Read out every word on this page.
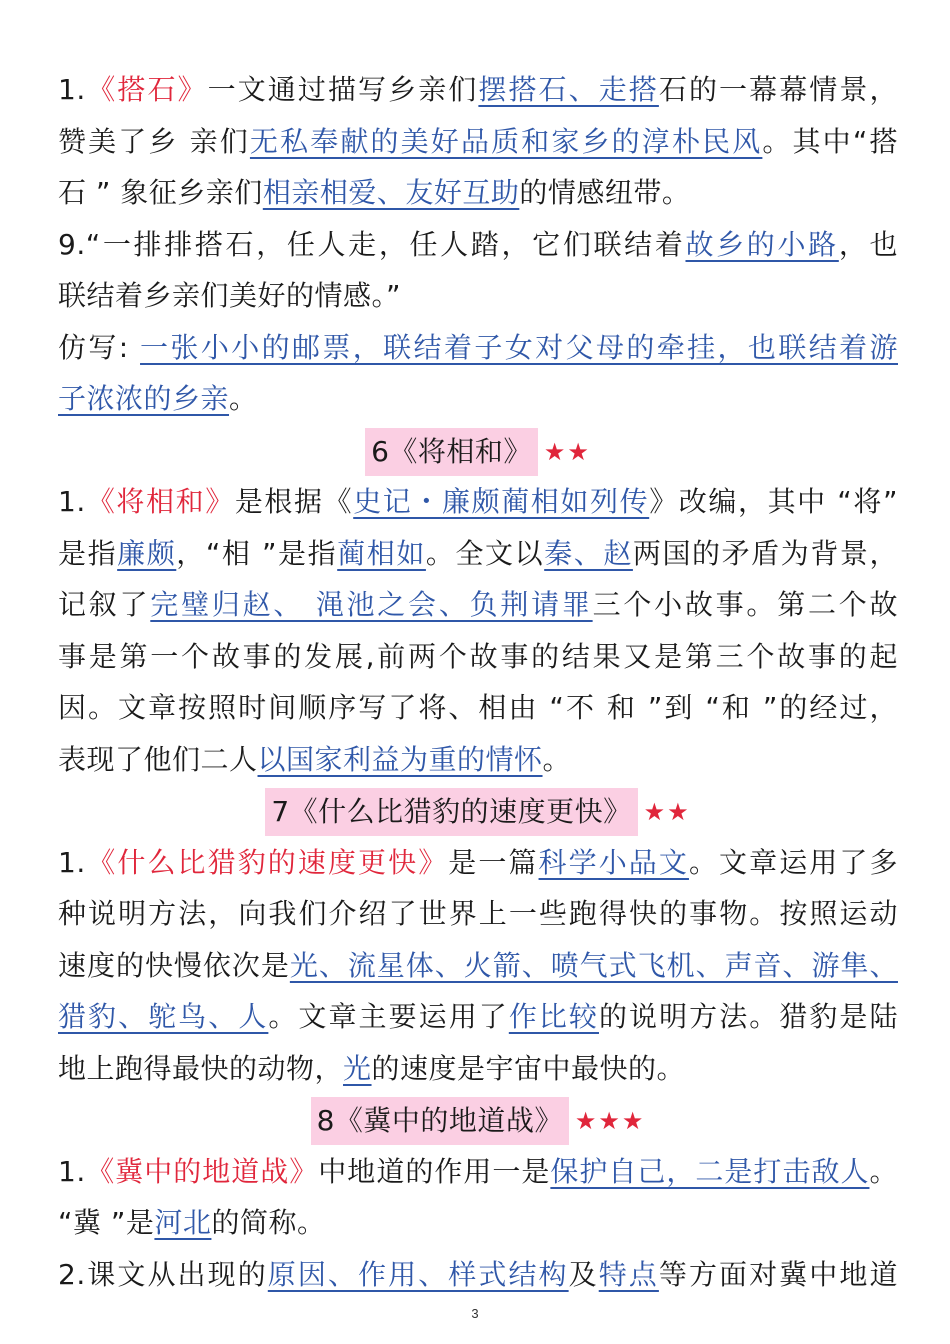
1.《搭石》一文通过描写乡亲们摆搭石、走搭石的一幕幕情景，
赞美了乡 亲们无私奉献的美好品质和家乡的淳朴民风。其中“搭
石 ” 象征乡亲们相亲相爱、友好互助的情感纽带。
9.“一排排搭石，任人走，任人踏，它们联结着故乡的小路，也
联结着乡亲们美好的情感。”
仿写: 一张小小的邮票，联结着子女对父母的牵挂，也联结着游
子浓浓的乡亲。
6《将相和》 ★★
1.《将相和》是根据《史记・廉颇蔺相如列传》改编，其中 “将”
是指廉颇，“相 ”是指蔺相如。全文以秦、赵两国的矛盾为背景，
记叙了完璧归赵、 渑池之会、负荆请罪三个小故事。第二个故
事是第一个故事的发展,前两个故事的结果又是第三个故事的起
因。文章按照时间顺序写了将、相由 “不 和 ”到 “和 ”的经过，
表现了他们二人以国家利益为重的情怀。
7《什么比猎豹的速度更快》 ★★
1.《什么比猎豹的速度更快》是一篇科学小品文。文章运用了多
种说明方法，向我们介绍了世界上一些跑得快的事物。按照运动
速度的快慢依次是光、流星体、火箭、喷气式飞机、声音、游隼、
猎豹、鸵鸟、人。文章主要运用了作比较的说明方法。猎豹是陆
地上跑得最快的动物，光的速度是宇宙中最快的。
8《冀中的地道战》 ★★★
1.《冀中的地道战》中地道的作用一是保护自己，二是打击敌人。
“冀 ”是河北的简称。
2.课文从出现的原因、作用、样式结构及特点等方面对冀中地道
3
